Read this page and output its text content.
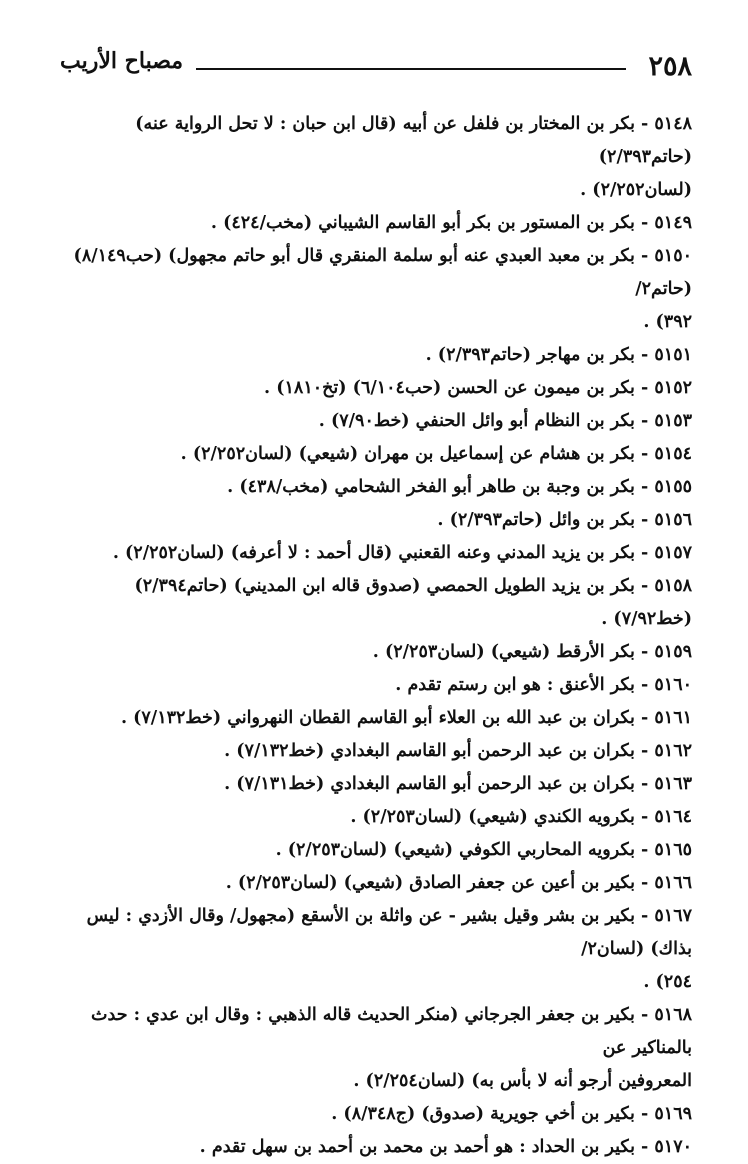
٢٥٨
مصباح الأريب

٥١٤٨ - بكر بن المختار بن فلفل عن أبيه (قال ابن حبان : لا تحل الرواية عنه) (حاتم٢/٣٩٣)
(لسان٢/٢٥٢) .

٥١٤٩ - بكر بن المستور بن بكر أبو القاسم الشيباني (مخب/٤٢٤) .

٥١٥٠ - بكر بن معبد العبدي عنه أبو سلمة المنقري قال أبو حاتم مجهول) (حب٨/١٤٩) (حاتم٢/
٣٩٢) .

٥١٥١ - بكر بن مهاجر (حاتم٢/٣٩٣) .

٥١٥٢ - بكر بن ميمون عن الحسن (حب٦/١٠٤) (تخ١٨١٠) .

٥١٥٣ - بكر بن النظام أبو وائل الحنفي (خط٧/٩٠) .

٥١٥٤ - بكر بن هشام عن إسماعيل بن مهران (شيعي) (لسان٢/٢٥٢) .

٥١٥٥ - بكر بن وجبة بن طاهر أبو الفخر الشحامي (مخب/٤٣٨) .

٥١٥٦ - بكر بن وائل (حاتم٢/٣٩٣) .

٥١٥٧ - بكر بن يزيد المدني وعنه القعنبي (قال أحمد : لا أعرفه) (لسان٢/٢٥٢) .

٥١٥٨ - بكر بن يزيد الطويل الحمصي (صدوق قاله ابن المديني) (حاتم٢/٣٩٤) (خط٧/٩٢) .

٥١٥٩ - بكر الأرقط (شيعي) (لسان٢/٢٥٣) .

٥١٦٠ - بكر الأعنق : هو ابن رستم تقدم .

٥١٦١ - بكران بن عبد الله بن العلاء أبو القاسم القطان النهرواني (خط٧/١٣٢) .

٥١٦٢ - بكران بن عبد الرحمن أبو القاسم البغدادي (خط٧/١٣٢) .

٥١٦٣ - بكران بن عبد الرحمن أبو القاسم البغدادي (خط٧/١٣١) .

٥١٦٤ - بكرويه الكندي (شيعي) (لسان٢/٢٥٣) .

٥١٦٥ - بكرويه المحاربي الكوفي (شيعي) (لسان٢/٢٥٣) .

٥١٦٦ - بكير بن أعين عن جعفر الصادق (شيعي) (لسان٢/٢٥٣) .

٥١٦٧ - بكير بن بشر وقيل بشير - عن واثلة بن الأسقع (مجهول/ وقال الأزدي : ليس بذاك) (لسان٢/
٢٥٤) .

٥١٦٨ - بكير بن جعفر الجرجاني (منكر الحديث قاله الذهبي : وقال ابن عدي : حدث بالمناكير عن
المعروفين أرجو أنه لا بأس به) (لسان٢/٢٥٤) .

٥١٦٩ - بكير بن أخي جويرية (صدوق) (ج٨/٣٤٨) .

٥١٧٠ - بكير بن الحداد : هو أحمد بن محمد بن أحمد بن سهل تقدم .
